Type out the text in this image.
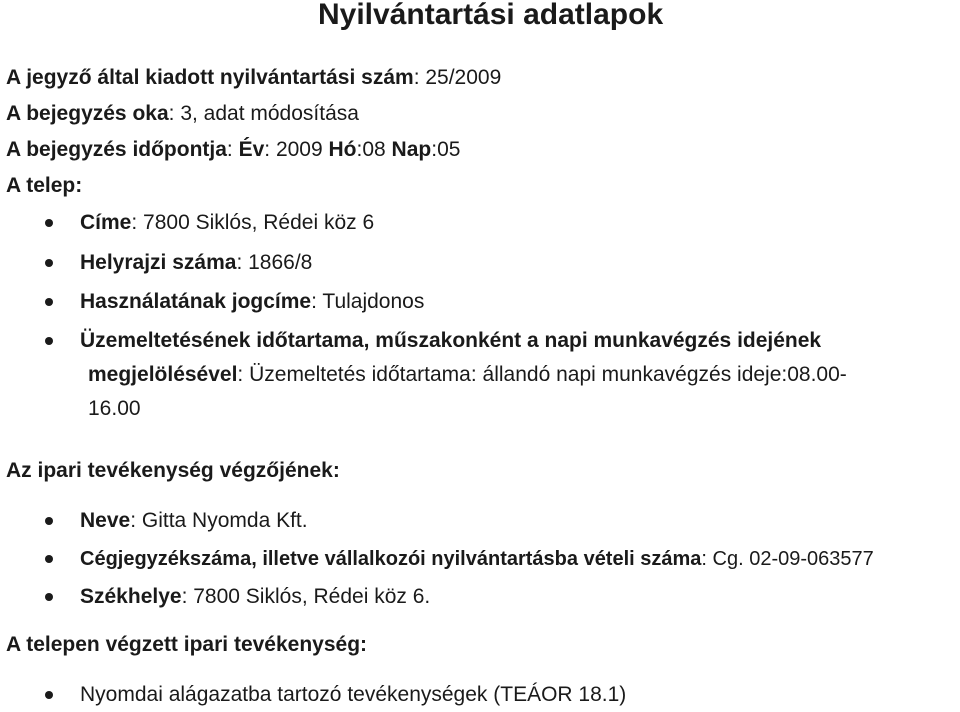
Nyilvántartási adatlapok

A jegyző által kiadott nyilvántartási szám: 25/2009

A bejegyzés oka: 3, adat módosítása

A bejegyzés időpontja: Év: 2009 Hó:08 Nap:05

A telep:

Címe: 7800 Siklós, Rédei köz 6
Helyrajzi száma: 1866/8
Használatának jogcíme: Tulajdonos
Üzemeltetésének időtartama, műszakonként a napi munkavégzés idejének
megjelölésével: Üzemeltetés időtartama: állandó napi munkavégzés ideje:08.00-
16.00

Az ipari tevékenység végzőjének:

Neve: Gitta Nyomda Kft.
Cégjegyzékszáma, illetve vállalkozói nyilvántartásba vételi száma: Cg. 02-09-063577
Székhelye: 7800 Siklós, Rédei köz 6.

A telepen végzett ipari tevékenység:

Nyomdai alágazatba tartozó tevékenységek (TEÁOR 18.1)
